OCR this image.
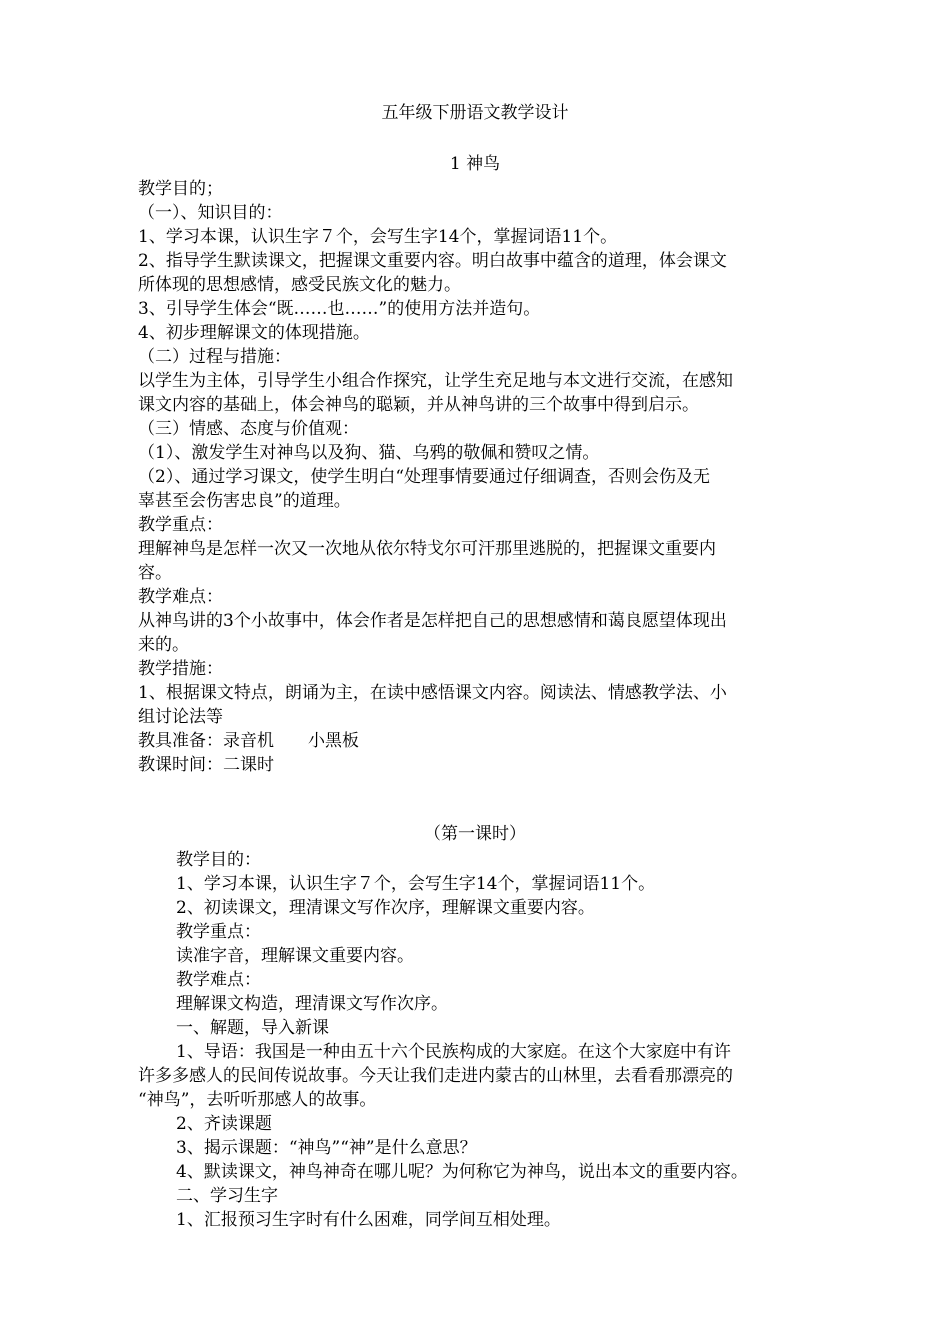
五年级下册语文教学设计
1 神鸟
教学目的；
（一）、知识目的：
1、学习本课，认识生字７个，会写生字14个，掌握词语11个。
2、指导学生默读课文，把握课文重要内容。明白故事中蕴含的道理，体会课文
所体现的思想感情，感受民族文化的魅力。
3、引导学生体会“既……也……”的使用方法并造句。
4、初步理解课文的体现措施。
（二）过程与措施：
以学生为主体，引导学生小组合作探究，让学生充足地与本文进行交流，在感知
课文内容的基础上，体会神鸟的聪颖，并从神鸟讲的三个故事中得到启示。
（三）情感、态度与价值观：
（1）、激发学生对神鸟以及狗、猫、乌鸦的敬佩和赞叹之情。
（2）、通过学习课文，使学生明白“处理事情要通过仔细调查，否则会伤及无
辜甚至会伤害忠良”的道理。
教学重点：
理解神鸟是怎样一次又一次地从依尔特戈尔可汗那里逃脱的，把握课文重要内
容。
教学难点：
从神鸟讲的3个小故事中，体会作者是怎样把自己的思想感情和蔼良愿望体现出
来的。
教学措施：
1、根据课文特点，朗诵为主，在读中感悟课文内容。阅读法、情感教学法、小
组讨论法等
教具准备：录音机　　小黑板
教课时间：二课时
（第一课时）
教学目的：
1、学习本课，认识生字７个，会写生字14个，掌握词语11个。
2、初读课文，理清课文写作次序，理解课文重要内容。
教学重点：
读准字音，理解课文重要内容。
教学难点：
理解课文构造，理清课文写作次序。
一、解题，导入新课
1、导语：我国是一种由五十六个民族构成的大家庭。在这个大家庭中有许
许多多感人的民间传说故事。今天让我们走进内蒙古的山林里，去看看那漂亮的
“神鸟”，去听听那感人的故事。
2、齐读课题
3、揭示课题：“神鸟”“神”是什么意思？
4、默读课文，神鸟神奇在哪儿呢？为何称它为神鸟，说出本文的重要内容。
二、学习生字
1、汇报预习生字时有什么困难，同学间互相处理。
